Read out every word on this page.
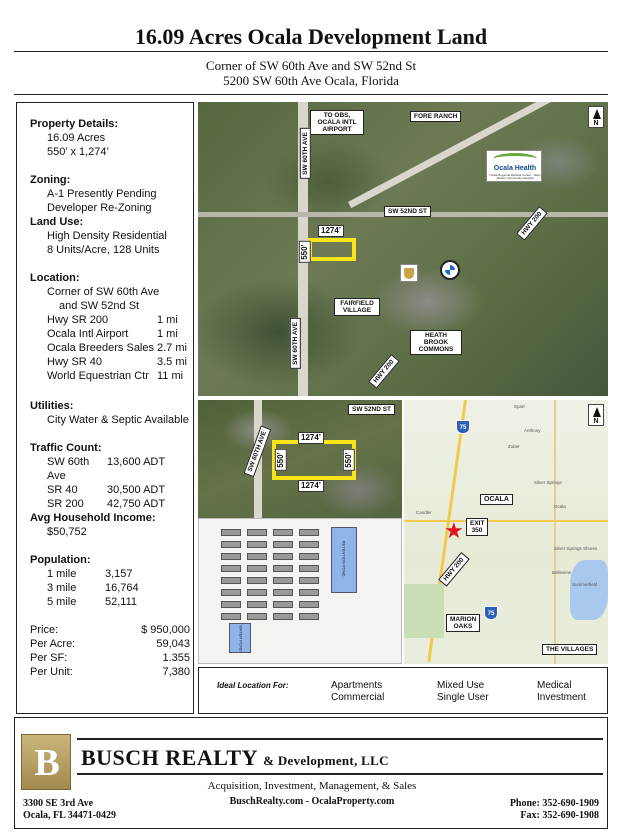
16.09 Acres Ocala Development Land
Corner of SW 60th Ave and SW 52nd St
5200 SW 60th Ave Ocala, Florida
Property Details:
16.09 Acres
550’ x 1,274’
Zoning:
A-1 Presently Pending
Developer Re-Zoning
Land Use:
High Density Residential
8 Units/Acre, 128 Units
Location:
Corner of SW 60th Ave
and SW 52nd St
Hwy SR 200	1 mi
Ocala Intl Airport	1 mi
Ocala Breeders Sales 2.7 mi
Hwy SR 40	3.5 mi
World Equestrian Ctr 11 mi
Utilities:
City Water & Septic Available
Traffic Count:
SW 60th Ave
13,600 ADT
SR 40	30,500 ADT
SR 200	42,750 ADT
Avg Household Income:
$50,752
Population:
1 mile	3,157
3 mile	16,764
5 mile	52,111
Price:	$ 950,000
Per Acre:	59,043
Per SF:	1.355
Per Unit:	7,380
TO OBS, OCALA INTL AIRPORT
FORE RANCH
SW 60TH AVE
SW 52ND ST	HWY 200
FAIRFIELD VILLAGE
HEATH BROOK COMMONS
SW 60TH AVE
HWY 200
Ocala Health
Ocala Regional Medical Center · West Marion Community Hospital
1274’
550’
N
SW 52ND ST
SW 60TH AVE	1274’
550’	550’
1274’
RETENTION POND
WATER POND
Sparr
Anthony
Zuber
Silver Springs
Ocala
Belleview
Summerfield
Silver Springs Shores
Candler
75
75
OCALA
EXIT 350
★
HWY 200
MARION OAKS
THE VILLAGES
N
Ideal Location For:	Apartments
Commercial
Mixed Use
Single User
Medical
Investment
B BUSCH REALTY & Development, LLC
Acquisition, Investment, Management, & Sales
BuschRealty.com - OcalaProperty.com
3300 SE 3rd Ave
Ocala, FL 34471-0429
Phone: 352-690-1909
Fax: 352-690-1908
